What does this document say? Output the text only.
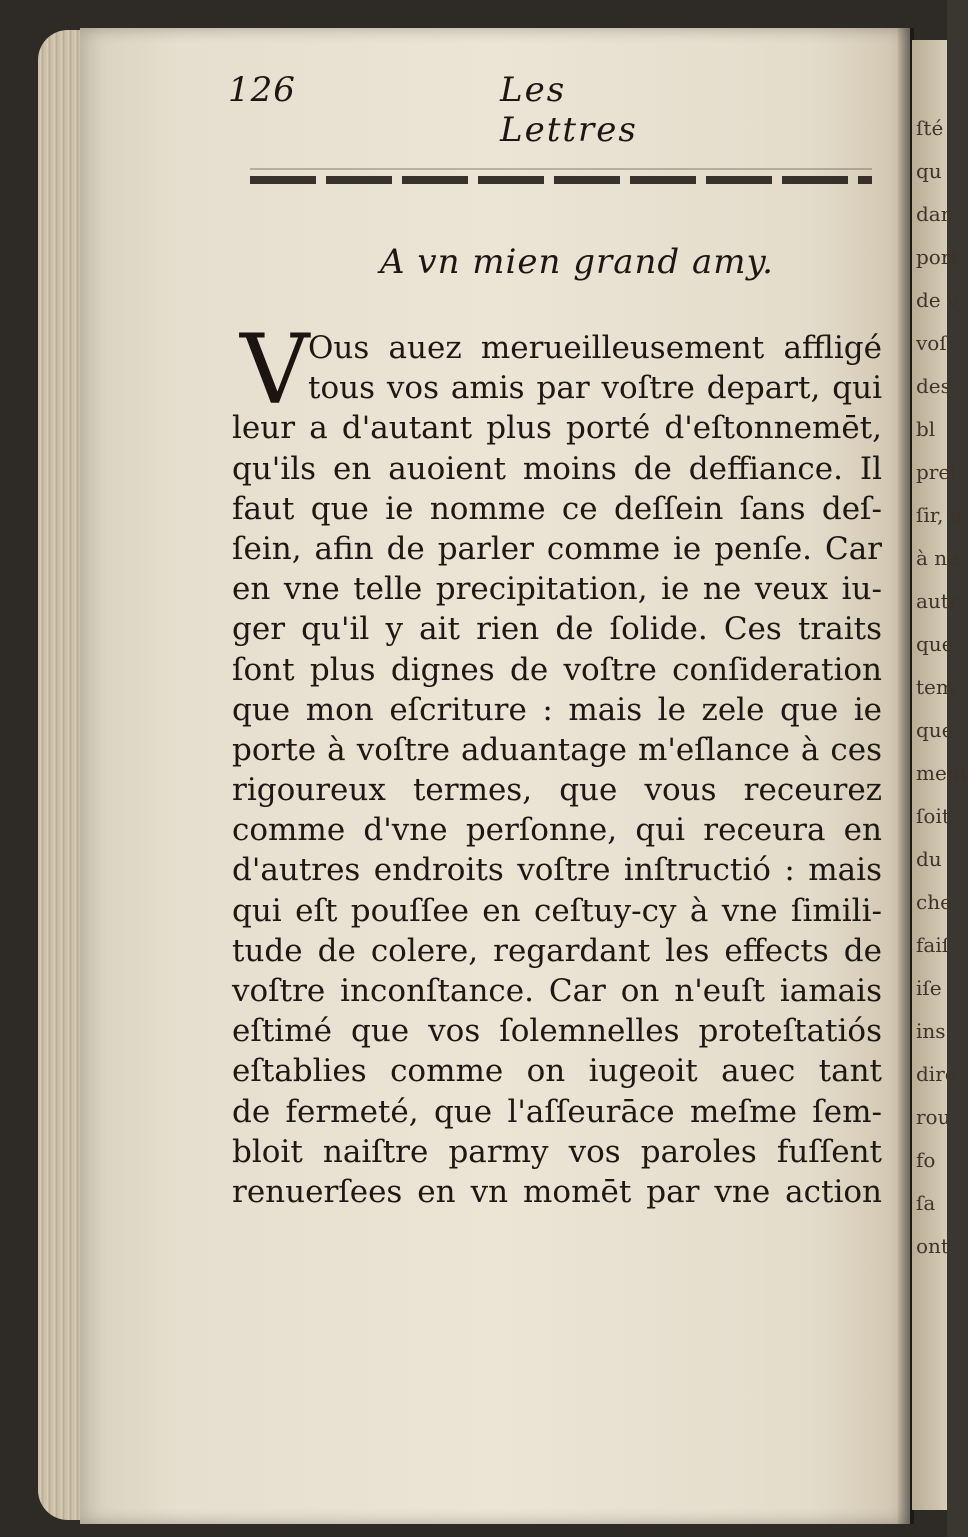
ſté
qu
dan
port
de v
voſ
des
bl
prel
ſir, a
à ne
autr
que
tem
que
ment
ſoit
du
che
faiſ
iſe
ins
dire
rou
fo
ſa
ont
126	Les Lettres
A vn mien grand amy.
V
Ous auez merueilleusement affligé
tous vos amis par voſtre depart, qui
leur a d'autant plus porté d'eſtonnemēt,
qu'ils en auoient moins de deffiance. Il
faut que ie nomme ce deſſein ſans deſ-
ſein, afin de parler comme ie penſe. Car
en vne telle precipitation, ie ne veux iu-
ger qu'il y ait rien de ſolide. Ces traits
ſont plus dignes de voſtre conſideration
que mon eſcriture : mais le zele que ie
porte à voſtre aduantage m'eſlance à ces
rigoureux termes, que vous receurez
comme d'vne perſonne, qui receura en
d'autres endroits voſtre inſtructió : mais
qui eſt pouſſee en ceſtuy-cy à vne ſimili-
tude de colere, regardant les effects de
voſtre inconſtance. Car on n'euſt iamais
eſtimé que vos ſolemnelles proteſtatiós
eſtablies comme on iugeoit auec tant
de fermeté, que l'aſſeurāce meſme ſem-
bloit naiſtre parmy vos paroles fuſſent
renuerſees en vn momēt par vne action
